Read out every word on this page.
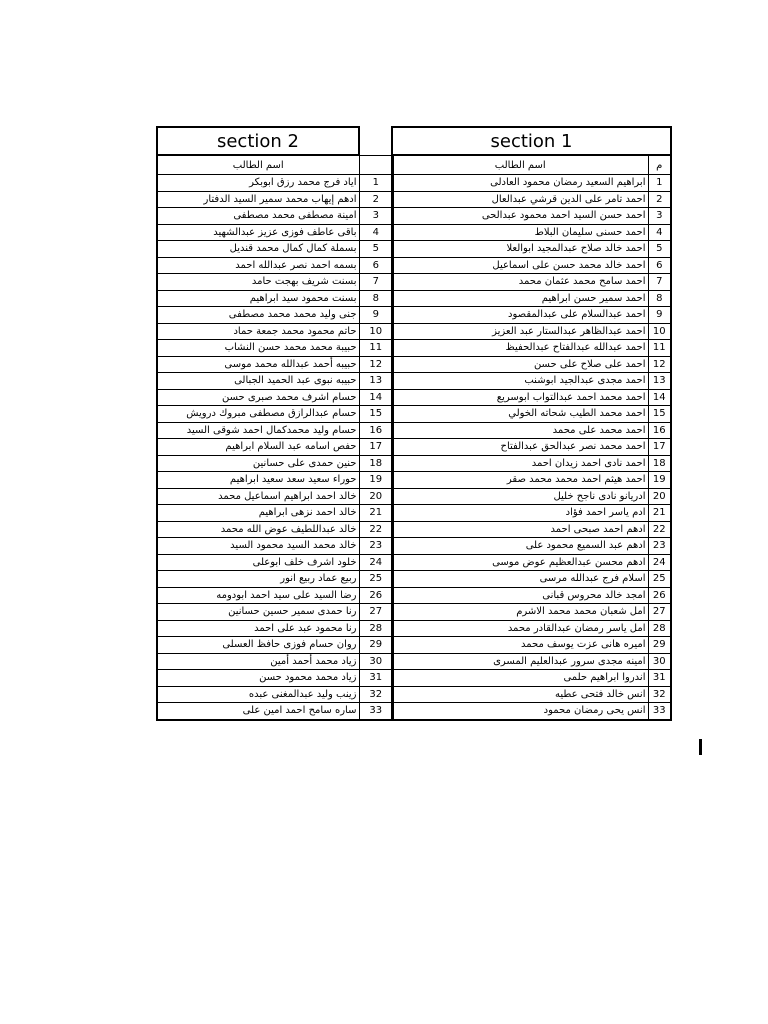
section 2	
اسم الطالب	
اياد فرج محمد رزق ابوبكر	1
ادهم إيهاب محمد سمير السيد الدفتار	2
امينة مصطفى محمد مصطفى	3
باقى عاطف فوزى عزيز عبدالشهيد	4
بسملة كمال كمال محمد قنديل	5
بسمه احمد نصر عبدالله احمد	6
بسنت شريف بهجت حامد	7
بسنت محمود سيد ابراهيم	8
جنى وليد محمد محمد مصطفى	9
حاتم محمود محمد جمعة حماد	10
حبيبة محمد محمد حسن النشاب	11
حبيبه أحمد عبدالله محمد موسى	12
حبيبه نبوى عبد الحميد الجبالى	13
حسام اشرف محمد صبرى حسن	14
حسام عبدالرازق مصطفى مبروك درويش	15
حسام وليد محمدكمال احمد شوقى السيد	16
حفص اسامه عبد السلام ابراهيم	17
حنين حمدى على حسانين	18
حوراء سعيد سعد سعيد ابراهيم	19
خالد احمد ابراهيم اسماعيل محمد	20
خالد احمد نزهى ابراهيم	21
خالد عبداللطيف عوض الله محمد	22
خالد محمد السيد محمود السيد	23
خلود اشرف خلف ابوعلى	24
ربيع عماد ربيع انور	25
رضا السيد على سيد احمد ابودومه	26
رنا حمدى سمير حسين حسانين	27
رنا محمود عبد على احمد	28
روان حسام فوزى حافظ العسلى	29
زياد محمد أحمد أمين	30
زياد محمد محمود حسن	31
زينب وليد عبدالمغنى عبده	32
ساره سامح احمد امين على	33
section 1	
اسم الطالب	م
ابراهيم السعيد رمضان محمود العادلى	1
احمد تامر على الدين قرشي عبدالعال	2
احمد حسن السيد احمد محمود عبدالحى	3
احمد حسنى سليمان البلاط	4
احمد خالد صلاح عبدالمجيد ابوالعلا	5
احمد خالد محمد حسن على اسماعيل	6
احمد سامح محمد عثمان محمد	7
احمد سمير حسن ابراهيم	8
احمد عبدالسلام على عبدالمقصود	9
احمد عبدالظاهر عبدالستار عبد العزيز	10
احمد عبدالله عبدالفتاح عبدالحفيظ	11
احمد على صلاح على حسن	12
احمد مجدى عبدالجيد ابوشنب	13
احمد محمد احمد عبدالتواب ابوسريع	14
احمد محمد الطيب شحاته الخولي	15
احمد محمد على محمد	16
احمد محمد نصر عبدالحق عبدالفتاح	17
احمد نادى احمد زيدان احمد	18
احمد هيثم احمد محمد محمد صقر	19
ادريانو نادى ناجح خليل	20
ادم ياسر احمد فؤاد	21
ادهم احمد صبحى احمد	22
ادهم عبد السميع محمود على	23
ادهم محسن عبدالعظيم عوض موسى	24
اسلام فرج عبدالله مرسى	25
امجد خالد محروس قبانى	26
امل شعبان محمد محمد الاشرم	27
امل ياسر رمضان عبدالقادر محمد	28
اميره هانى عزت يوسف محمد	29
امينه مجدى سرور عبدالعليم المسرى	30
اندروا ابراهيم حلمى	31
انس خالد فتحى عطيه	32
انس يحى رمضان محمود	33
